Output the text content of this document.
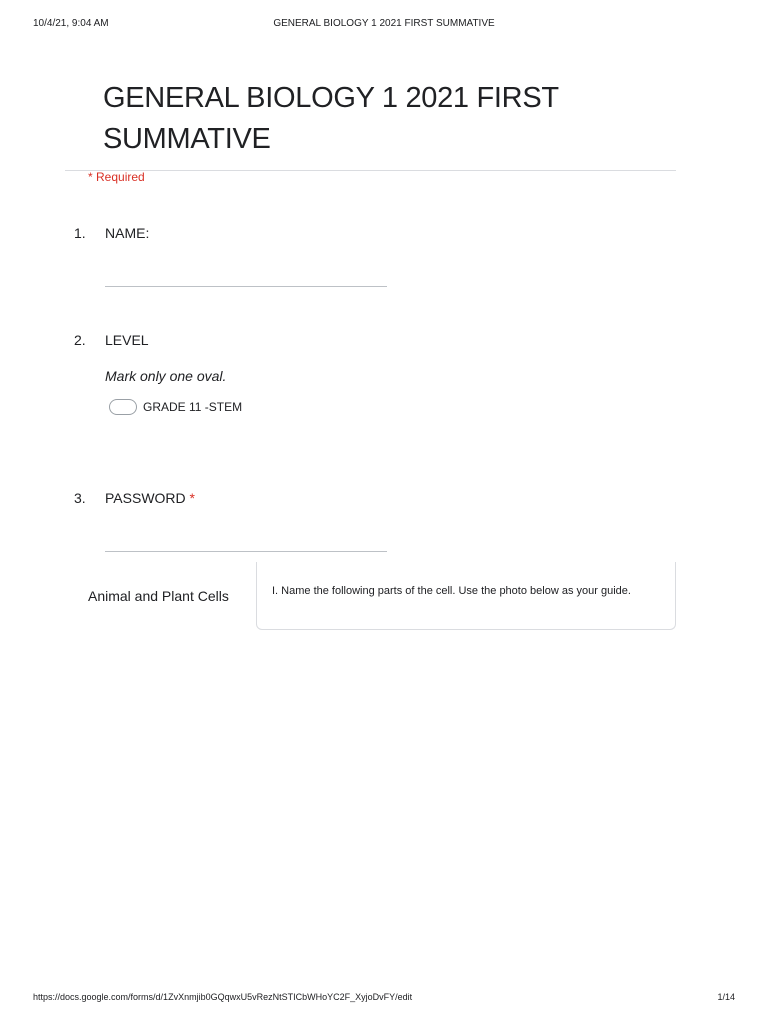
10/4/21, 9:04 AM	GENERAL BIOLOGY 1 2021 FIRST SUMMATIVE
GENERAL BIOLOGY 1 2021 FIRST SUMMATIVE
* Required
1. NAME:
2. LEVEL
Mark only one oval.
GRADE 11 -STEM
3. PASSWORD *
Animal and Plant Cells	I. Name the following parts of the cell. Use the photo below as your guide.
https://docs.google.com/forms/d/1ZvXnmjib0GQqwxU5vRezNtSTICbWHoYC2F_XyjoDvFY/edit	1/14
